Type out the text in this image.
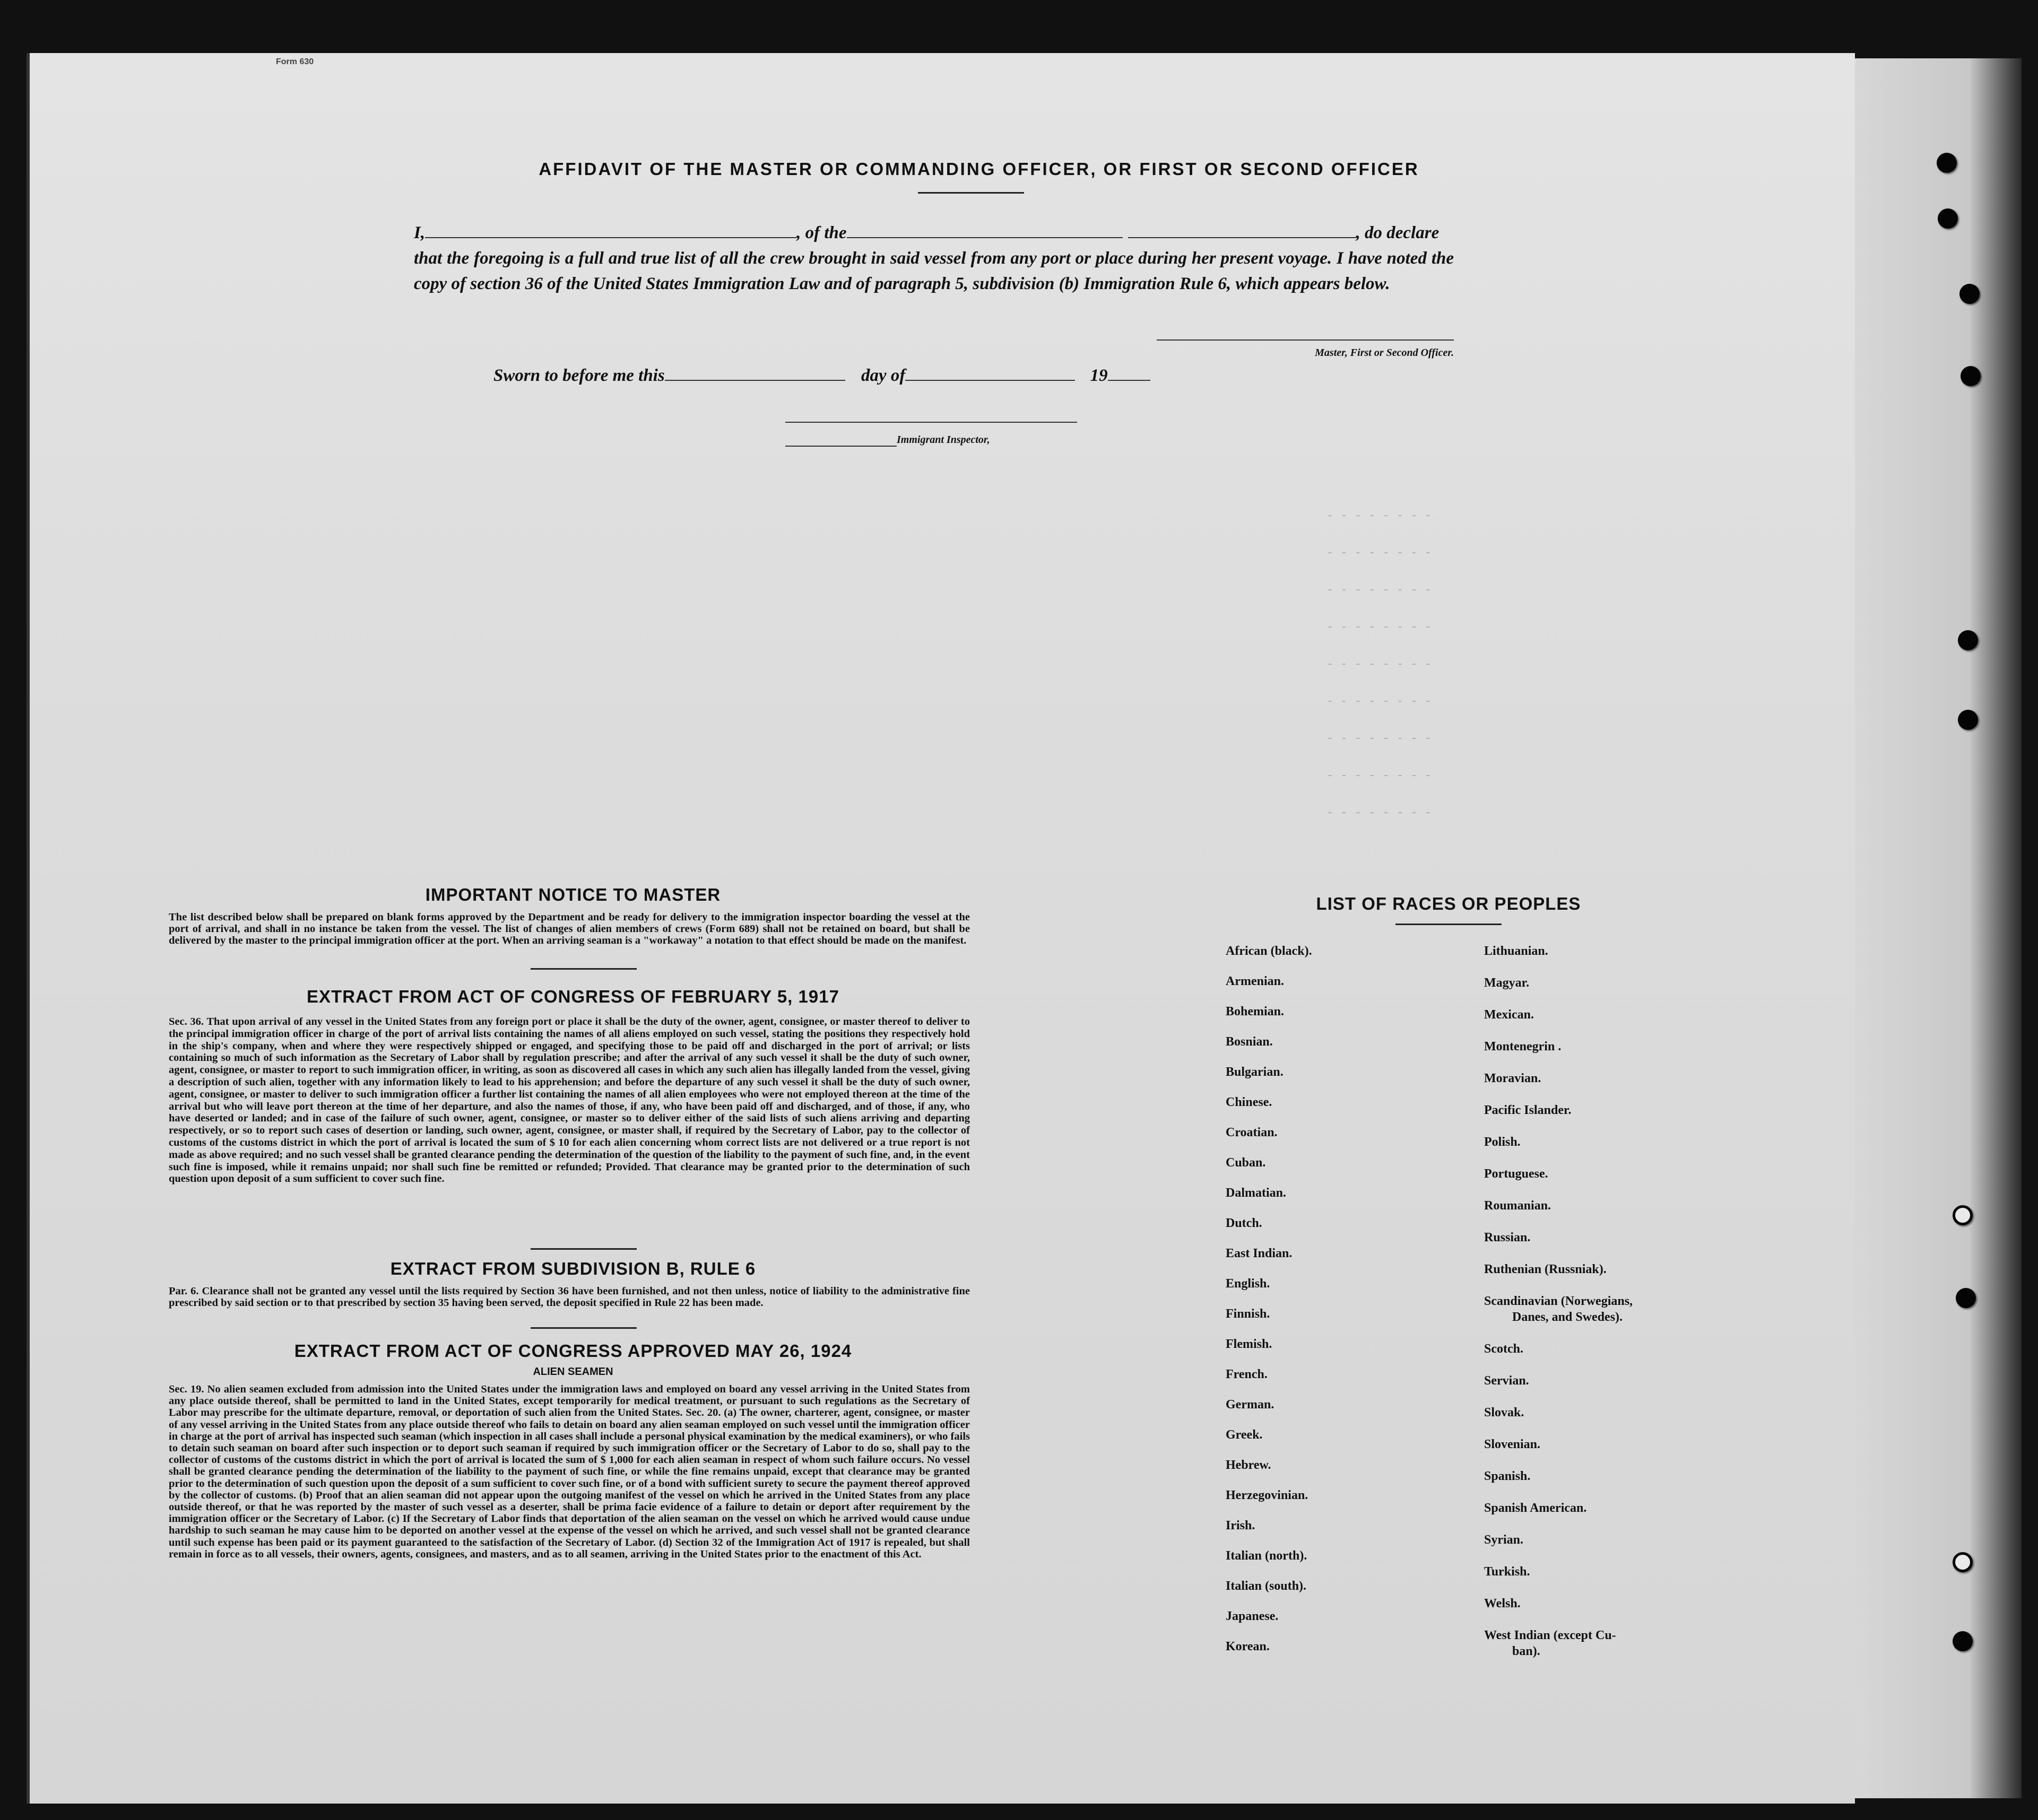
Form 630
- - - - - - - -
- - - - - - - -
- - - - - - - -
- - - - - - - -
- - - - - - - -
- - - - - - - -
- - - - - - - -
- - - - - - - -
- - - - - - - -
AFFIDAVIT OF THE MASTER OR COMMANDING OFFICER, OR FIRST OR SECOND OFFICER
I,	, of the	, do declare
that the foregoing is a full and true list of all the crew brought in said vessel from any port or place during her present voyage. I have noted the copy of section 36 of the United States Immigration Law and of paragraph 5, subdivision (b) Immigration Rule 6, which appears below.
Master, First or Second Officer.
Sworn to before me this	day of	19
Immigrant Inspector,
IMPORTANT NOTICE TO MASTER
The list described below shall be prepared on blank forms approved by the Department and be ready for delivery to the immigration inspector boarding the vessel at the port of arrival, and shall in no instance be taken from the vessel. The list of changes of alien members of crews (Form 689) shall not be retained on board, but shall be delivered by the master to the principal immigration officer at the port. When an arriving seaman is a "workaway" a notation to that effect should be made on the manifest.
EXTRACT FROM ACT OF CONGRESS OF FEBRUARY 5, 1917
Sec. 36. That upon arrival of any vessel in the United States from any foreign port or place it shall be the duty of the owner, agent, consignee, or master thereof to deliver to the principal immigration officer in charge of the port of arrival lists containing the names of all aliens employed on such vessel, stating the positions they respectively hold in the ship's company, when and where they were respectively shipped or engaged, and specifying those to be paid off and discharged in the port of arrival; or lists containing so much of such information as the Secretary of Labor shall by regulation prescribe; and after the arrival of any such vessel it shall be the duty of such owner, agent, consignee, or master to report to such immigration officer, in writing, as soon as discovered all cases in which any such alien has illegally landed from the vessel, giving a description of such alien, together with any information likely to lead to his apprehension; and before the departure of any such vessel it shall be the duty of such owner, agent, consignee, or master to deliver to such immigration officer a further list containing the names of all alien employees who were not employed thereon at the time of the arrival but who will leave port thereon at the time of her departure, and also the names of those, if any, who have been paid off and discharged, and of those, if any, who have deserted or landed; and in case of the failure of such owner, agent, consignee, or master so to deliver either of the said lists of such aliens arriving and departing respectively, or so to report such cases of desertion or landing, such owner, agent, consignee, or master shall, if required by the Secretary of Labor, pay to the collector of customs of the customs district in which the port of arrival is located the sum of $ 10 for each alien concerning whom correct lists are not delivered or a true report is not made as above required; and no such vessel shall be granted clearance pending the determination of the question of the liability to the payment of such fine, and, in the event such fine is imposed, while it remains unpaid; nor shall such fine be remitted or refunded; Provided. That clearance may be granted prior to the determination of such question upon deposit of a sum sufficient to cover such fine.
EXTRACT FROM SUBDIVISION B, RULE 6
Par. 6. Clearance shall not be granted any vessel until the lists required by Section 36 have been furnished, and not then unless, notice of liability to the administrative fine prescribed by said section or to that prescribed by section 35 having been served, the deposit specified in Rule 22 has been made.
EXTRACT FROM ACT OF CONGRESS APPROVED MAY 26, 1924
ALIEN SEAMEN
Sec. 19. No alien seamen excluded from admission into the United States under the immigration laws and employed on board any vessel arriving in the United States from any place outside thereof, shall be permitted to land in the United States, except temporarily for medical treatment, or pursuant to such regulations as the Secretary of Labor may prescribe for the ultimate departure, removal, or deportation of such alien from the United States. Sec. 20. (a) The owner, charterer, agent, consignee, or master of any vessel arriving in the United States from any place outside thereof who fails to detain on board any alien seaman employed on such vessel until the immigration officer in charge at the port of arrival has inspected such seaman (which inspection in all cases shall include a personal physical examination by the medical examiners), or who fails to detain such seaman on board after such inspection or to deport such seaman if required by such immigration officer or the Secretary of Labor to do so, shall pay to the collector of customs of the customs district in which the port of arrival is located the sum of $ 1,000 for each alien seaman in respect of whom such failure occurs. No vessel shall be granted clearance pending the determination of the liability to the payment of such fine, or while the fine remains unpaid, except that clearance may be granted prior to the determination of such question upon the deposit of a sum sufficient to cover such fine, or of a bond with sufficient surety to secure the payment thereof approved by the collector of customs. (b) Proof that an alien seaman did not appear upon the outgoing manifest of the vessel on which he arrived in the United States from any place outside thereof, or that he was reported by the master of such vessel as a deserter, shall be prima facie evidence of a failure to detain or deport after requirement by the immigration officer or the Secretary of Labor. (c) If the Secretary of Labor finds that deportation of the alien seaman on the vessel on which he arrived would cause undue hardship to such seaman he may cause him to be deported on another vessel at the expense of the vessel on which he arrived, and such vessel shall not be granted clearance until such expense has been paid or its payment guaranteed to the satisfaction of the Secretary of Labor. (d) Section 32 of the Immigration Act of 1917 is repealed, but shall remain in force as to all vessels, their owners, agents, consignees, and masters, and as to all seamen, arriving in the United States prior to the enactment of this Act.
LIST OF RACES OR PEOPLES
African (black).
Armenian.
Bohemian.
Bosnian.
Bulgarian.
Chinese.
Croatian.
Cuban.
Dalmatian.
Dutch.
East Indian.
English.
Finnish.
Flemish.
French.
German.
Greek.
Hebrew.
Herzegovinian.
Irish.
Italian (north).
Italian (south).
Japanese.
Korean.
Lithuanian.
Magyar.
Mexican.
Montenegrin .
Moravian.
Pacific Islander.
Polish.
Portuguese.
Roumanian.
Russian.
Ruthenian (Russniak).
Scandinavian (Norwegians,
Danes, and Swedes).
Scotch.
Servian.
Slovak.
Slovenian.
Spanish.
Spanish American.
Syrian.
Turkish.
Welsh.
West Indian (except Cu-
ban).
